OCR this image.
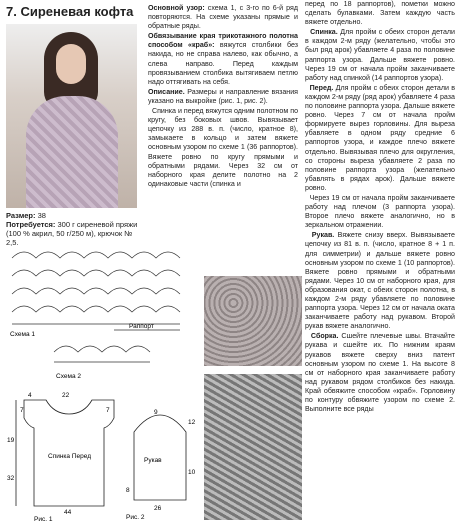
7. Сиреневая кофта
Размер: 38
Потребуется: 300 г сиреневой пряжи (100 % акрил, 50 г/250 м), крючок № 2,5.

Основной узор: схема 1, с 3-го по 6-й ряд повторяются. На схеме указаны прямые и обратные ряды.

Обвязывание края трикотажного полотна способом «краб»: вяжутся столбики без накида, но не справа налево, как обычно, а слева направо. Перед каждым провязыванием столбика вытягиваем петлю надо оттягивать на себя.

Описание. Размеры и направление вязания указано на выкройке (рис. 1, рис. 2).

Спинка и перед вяжутся одним полотном по кругу, без боковых швов. Вывязывает цепочку из 288 в. п. (число, кратное 8), замыкаете в кольцо и затем вяжете основным узором по схеме 1 (36 раппортов). Вяжете ровно по кругу прямыми и обратными рядами. Через 32 см от наборного края делите полотно на 2 одинаковые части (спинка и

перед по 18 раппортов), пометки можно сделать булавками. Затем каждую часть вяжете отдельно.

Спинка. Для пройм с обеих сторон детали в каждом 2-м ряду (желательно, чтобы это был ряд арок) убавляете 4 раза по половине раппорта узора. Дальше вяжете ровно. Через 19 см от начала пройм заканчиваете работу над спинкой (14 раппортов узора).

Перед. Для пройм с обеих сторон детали в каждом 2-м ряду (ряд арок) убавляете 4 раза по половине раппорта узора. Дальше вяжете ровно. Через 7 см от начала пройм формируете вырез горловины. Для выреза убавляете в одном ряду средние 6 раппортов узора, и каждое плечо вяжете отдельно. Вывязывая плечо для округления, со стороны выреза убавляете 2 раза по половине раппорта узора (желательно убавлять в рядах арок). Дальше вяжете ровно.

Через 19 см от начала пройм заканчиваете работу над плечом (3 раппорта узора). Второе плечо вяжете аналогично, но в зеркальном отражении.

Рукав. Вяжете снизу вверх. Вывязываете цепочку из 81 в. п. (число, кратное 8 + 1 п. для симметрии) и дальше вяжете ровно основным узором по схеме 1 (10 раппортов). Вяжете ровно прямыми и обратными рядами. Через 10 см от наборного края, для образования окат, с обеих сторон полотна, в каждом 2-м ряду убавляете по половине раппорта узора. Через 12 см от начала оката заканчиваете работу над рукавом. Второй рукав вяжете аналогично.

Сборка. Сшейте плечевые швы. Втачайте рукава и сшейте их. По нижним краям рукавов вяжете сверху вниз патент основным узором по схеме 1. На высоте 8 см от наборного края заканчиваете работу над рукавом рядом столбиков без накида. Край обвяжите способом «краб». Горловину по контуру обвяжите узором по схеме 2. Выполните все ряды

Схема 1
Раппорт
Схема 2
4	22
7	7
19
32
Спинка Перед
44
Рис. 1
9
12
10
8
Рукав
26
Рис. 2
